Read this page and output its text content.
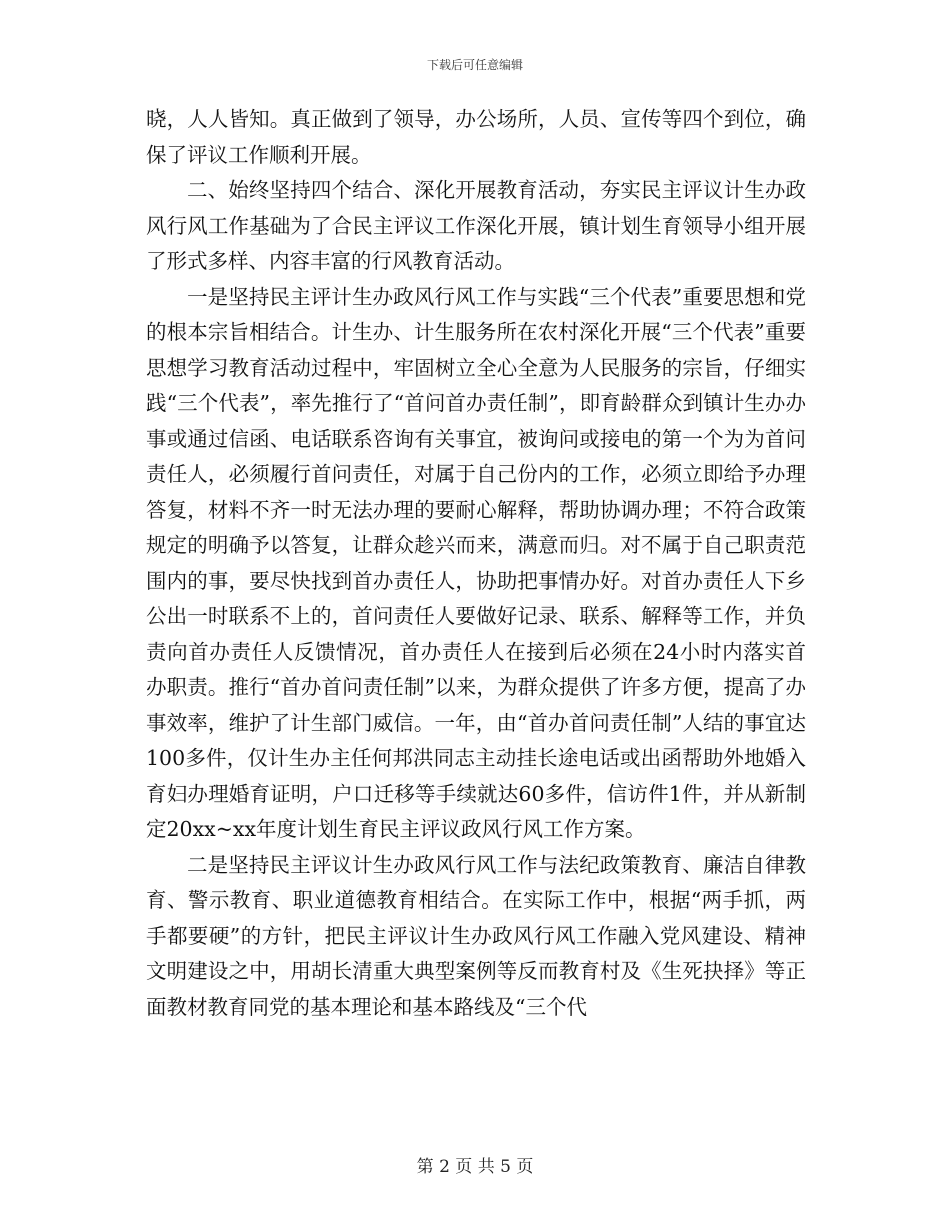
下载后可任意编辑

晓，人人皆知。真正做到了领导，办公场所，人员、宣传等四个到位，确保了评议工作顺利开展。

二、始终坚持四个结合、深化开展教育活动，夯实民主评议计生办政风行风工作基础为了合民主评议工作深化开展，镇计划生育领导小组开展了形式多样、内容丰富的行风教育活动。

一是坚持民主评计生办政风行风工作与实践“三个代表”重要思想和党的根本宗旨相结合。计生办、计生服务所在农村深化开展“三个代表”重要思想学习教育活动过程中，牢固树立全心全意为人民服务的宗旨，仔细实践“三个代表”，率先推行了“首问首办责任制”，即育龄群众到镇计生办办事或通过信函、电话联系咨询有关事宜，被询问或接电的第一个为为首问责任人，必须履行首问责任，对属于自己份内的工作，必须立即给予办理答复，材料不齐一时无法办理的要耐心解释，帮助协调办理；不符合政策规定的明确予以答复，让群众趁兴而来，满意而归。对不属于自己职责范围内的事，要尽快找到首办责任人，协助把事情办好。对首办责任人下乡公出一时联系不上的，首问责任人要做好记录、联系、解释等工作，并负责向首办责任人反馈情况，首办责任人在接到后必须在24小时内落实首办职责。推行“首办首问责任制”以来，为群众提供了许多方便，提高了办事效率，维护了计生部门威信。一年，由“首办首问责任制”人结的事宜达100多件，仅计生办主任何邦洪同志主动挂长途电话或出函帮助外地婚入育妇办理婚育证明，户口迁移等手续就达60多件，信访件1件，并从新制定20xx~xx年度计划生育民主评议政风行风工作方案。

二是坚持民主评议计生办政风行风工作与法纪政策教育、廉洁自律教育、警示教育、职业道德教育相结合。在实际工作中，根据“两手抓，两手都要硬”的方针，把民主评议计生办政风行风工作融入党风建设、精神文明建设之中，用胡长清重大典型案例等反而教育村及《生死抉择》等正面教材教育同党的基本理论和基本路线及“三个代

第 2 页 共 5 页
